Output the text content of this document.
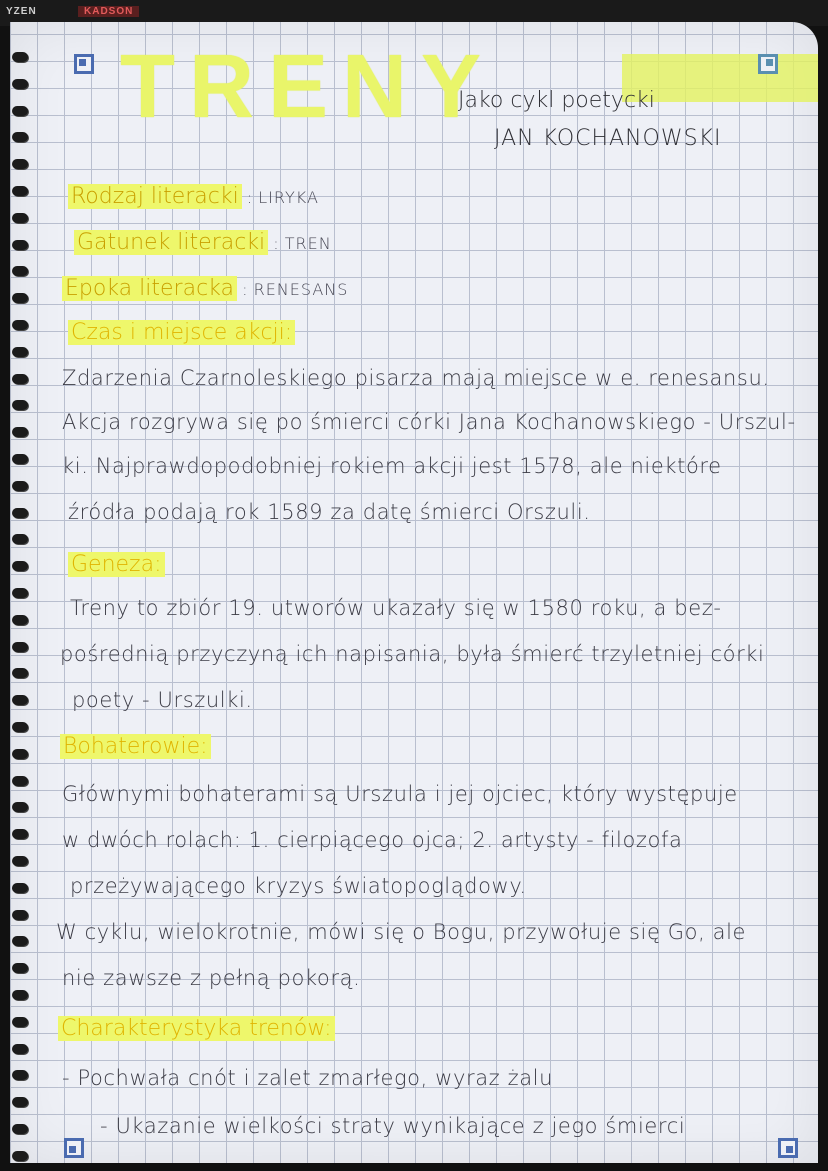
YZEN	KADSON
TRENY
Jako cykl poetycki
JAN KOCHANOWSKI
Rodzaj literacki : LIRYKA
Gatunek literacki : TREN
Epoka literacka : RENESANS
Czas i miejsce akcji:
Zdarzenia Czarnoleskiego pisarza mają miejsce w e. renesansu.
Akcja rozgrywa się po śmierci córki Jana Kochanowskiego - Urszul-
ki. Najprawdopodobniej rokiem akcji jest 1578, ale niektóre
źródła podają rok 1589 za datę śmierci Orszuli.
Geneza:
Treny to zbiór 19. utworów ukazały się w 1580 roku, a bez-
pośrednią przyczyną ich napisania, była śmierć trzyletniej córki
poety - Urszulki.
Bohaterowie:
Głównymi bohaterami są Urszula i jej ojciec, który występuje
w dwóch rolach: 1. cierpiącego ojca; 2. artysty - filozofa
przeżywającego kryzys światopoglądowy.
W cyklu, wielokrotnie, mówi się o Bogu, przywołuje się Go, ale
nie zawsze z pełną pokorą.
Charakterystyka trenów:
- Pochwała cnót i zalet zmarłego, wyraz żalu
- Ukazanie wielkości straty wynikające z jego śmierci
